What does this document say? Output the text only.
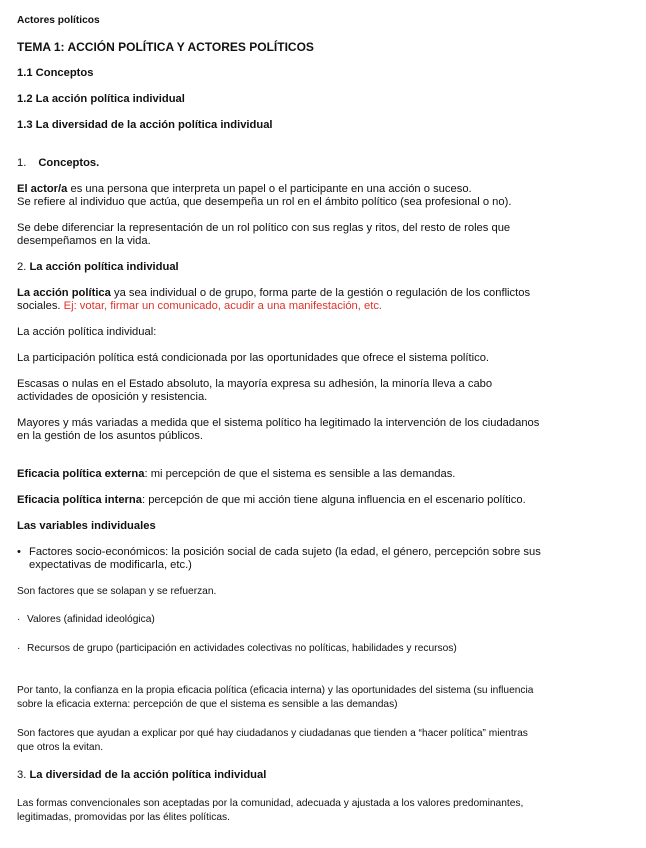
Actores políticos

TEMA 1: ACCIÓN POLÍTICA Y ACTORES POLÍTICOS

1.1 Conceptos

1.2 La acción política individual

1.3 La diversidad de la acción política individual

1. Conceptos.

El actor/a es una persona que interpreta un papel o el participante en una acción o suceso.

Se refiere al individuo que actúa, que desempeña un rol en el ámbito político (sea profesional o no).

Se debe diferenciar la representación de un rol político con sus reglas y ritos, del resto de roles que

desempeñamos en la vida.

2. La acción política individual

La acción política ya sea individual o de grupo, forma parte de la gestión o regulación de los conflictos

sociales. Ej: votar, firmar un comunicado, acudir a una manifestación, etc.

La acción política individual:

La participación política está condicionada por las oportunidades que ofrece el sistema político.

Escasas o nulas en el Estado absoluto, la mayoría expresa su adhesión, la minoría lleva a cabo

actividades de oposición y resistencia.

Mayores y más variadas a medida que el sistema político ha legitimado la intervención de los ciudadanos

en la gestión de los asuntos públicos.

Eficacia política externa: mi percepción de que el sistema es sensible a las demandas.

Eficacia política interna: percepción de que mi acción tiene alguna influencia en el escenario político.

Las variables individuales

• Factores socio-económicos: la posición social de cada sujeto (la edad, el género, percepción sobre sus

expectativas de modificarla, etc.)

Son factores que se solapan y se refuerzan.

· Valores (afinidad ideológica)

· Recursos de grupo (participación en actividades colectivas no políticas, habilidades y recursos)

Por tanto, la confianza en la propia eficacia política (eficacia interna) y las oportunidades del sistema (su influencia

sobre la eficacia externa: percepción de que el sistema es sensible a las demandas)

Son factores que ayudan a explicar por qué hay ciudadanos y ciudadanas que tienden a “hacer política” mientras

que otros la evitan.

3. La diversidad de la acción política individual

Las formas convencionales son aceptadas por la comunidad, adecuada y ajustada a los valores predominantes,

legitimadas, promovidas por las élites políticas.
